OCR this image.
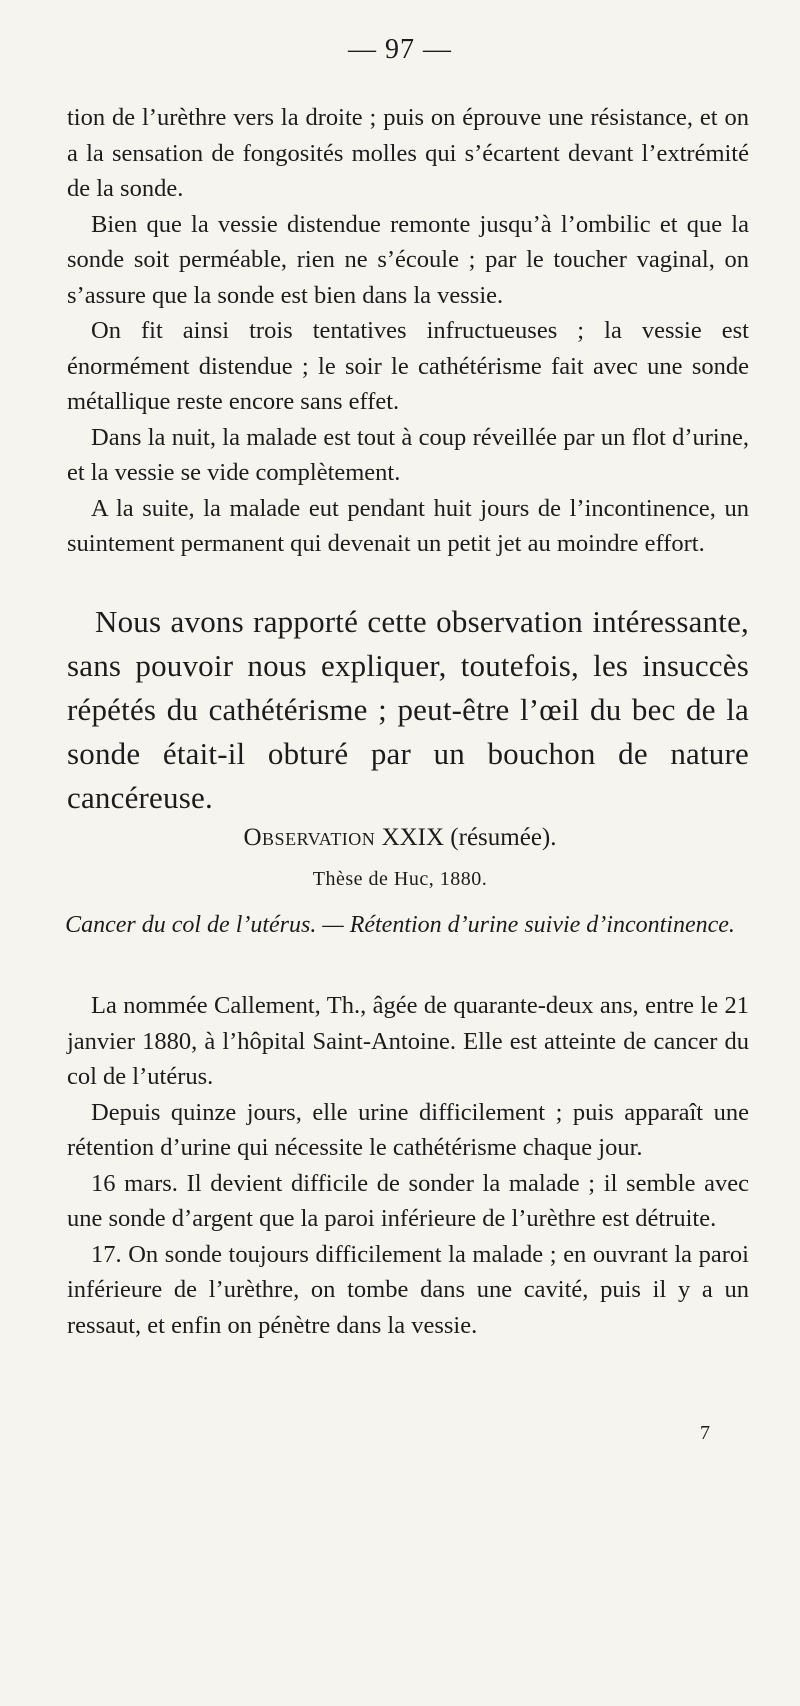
— 97 —

tion de l’urèthre vers la droite ; puis on éprouve une résistance, et on a la sensation de fongosités molles qui s’écartent devant l’extrémité de la sonde.

Bien que la vessie distendue remonte jusqu’à l’ombilic et que la sonde soit perméable, rien ne s’écoule ; par le toucher vaginal, on s’assure que la sonde est bien dans la vessie.

On fit ainsi trois tentatives infructueuses ; la vessie est énormément distendue ; le soir le cathétérisme fait avec une sonde métallique reste encore sans effet.

Dans la nuit, la malade est tout à coup réveillée par un flot d’urine, et la vessie se vide complètement.

A la suite, la malade eut pendant huit jours de l’incontinence, un suintement permanent qui devenait un petit jet au moindre effort.

Nous avons rapporté cette observation intéressante, sans pouvoir nous expliquer, toutefois, les insuccès répétés du cathétérisme ; peut-être l’œil du bec de la sonde était-il obturé par un bouchon de nature cancéreuse.

Observation XXIX (résumée).
Thèse de Huc, 1880.
Cancer du col de l’utérus. — Rétention d’urine suivie d’incontinence.

La nommée Callement, Th., âgée de quarante-deux ans, entre le 21 janvier 1880, à l’hôpital Saint-Antoine. Elle est atteinte de cancer du col de l’utérus.

Depuis quinze jours, elle urine difficilement ; puis apparaît une rétention d’urine qui nécessite le cathétérisme chaque jour.

16 mars. Il devient difficile de sonder la malade ; il semble avec une sonde d’argent que la paroi inférieure de l’urèthre est détruite.

17. On sonde toujours difficilement la malade ; en ouvrant la paroi inférieure de l’urèthre, on tombe dans une cavité, puis il y a un ressaut, et enfin on pénètre dans la vessie.

7
